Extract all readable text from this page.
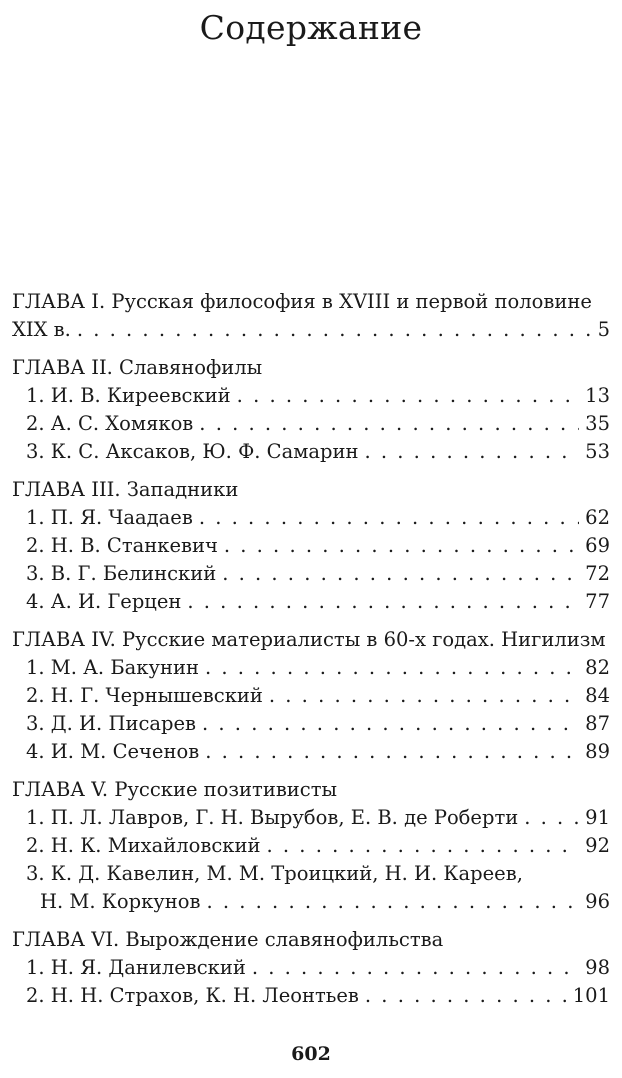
Содержание
ГЛАВА I. Русская философия в XVIII и первой половине
XIX в. . . .	5
ГЛАВА II. Славянофилы
1. И. В. Киреевский . . .	13
2. А. С. Хомяков . . .	35
3. К. С. Аксаков, Ю. Ф. Самарин . . .	53
ГЛАВА III. Западники
1. П. Я. Чаадаев . . .	62
2. Н. В. Станкевич . . .	69
3. В. Г. Белинский . . .	72
4. А. И. Герцен . . .	77
ГЛАВА IV. Русские материалисты в 60-х годах. Нигилизм
1. М. А. Бакунин . . .	82
2. Н. Г. Чернышевский . . .	84
3. Д. И. Писарев . . .	87
4. И. М. Сеченов . . .	89
ГЛАВА V. Русские позитивисты
1. П. Л. Лавров, Г. Н. Вырубов, Е. В. де Роберти . . .	91
2. Н. К. Михайловский . . .	92
3. К. Д. Кавелин, М. М. Троицкий, Н. И. Кареев,
Н. М. Коркунов . . .	96
ГЛАВА VI. Вырождение славянофильства
1. Н. Я. Данилевский . . .	98
2. Н. Н. Страхов, К. Н. Леонтьев . . .	101
602
